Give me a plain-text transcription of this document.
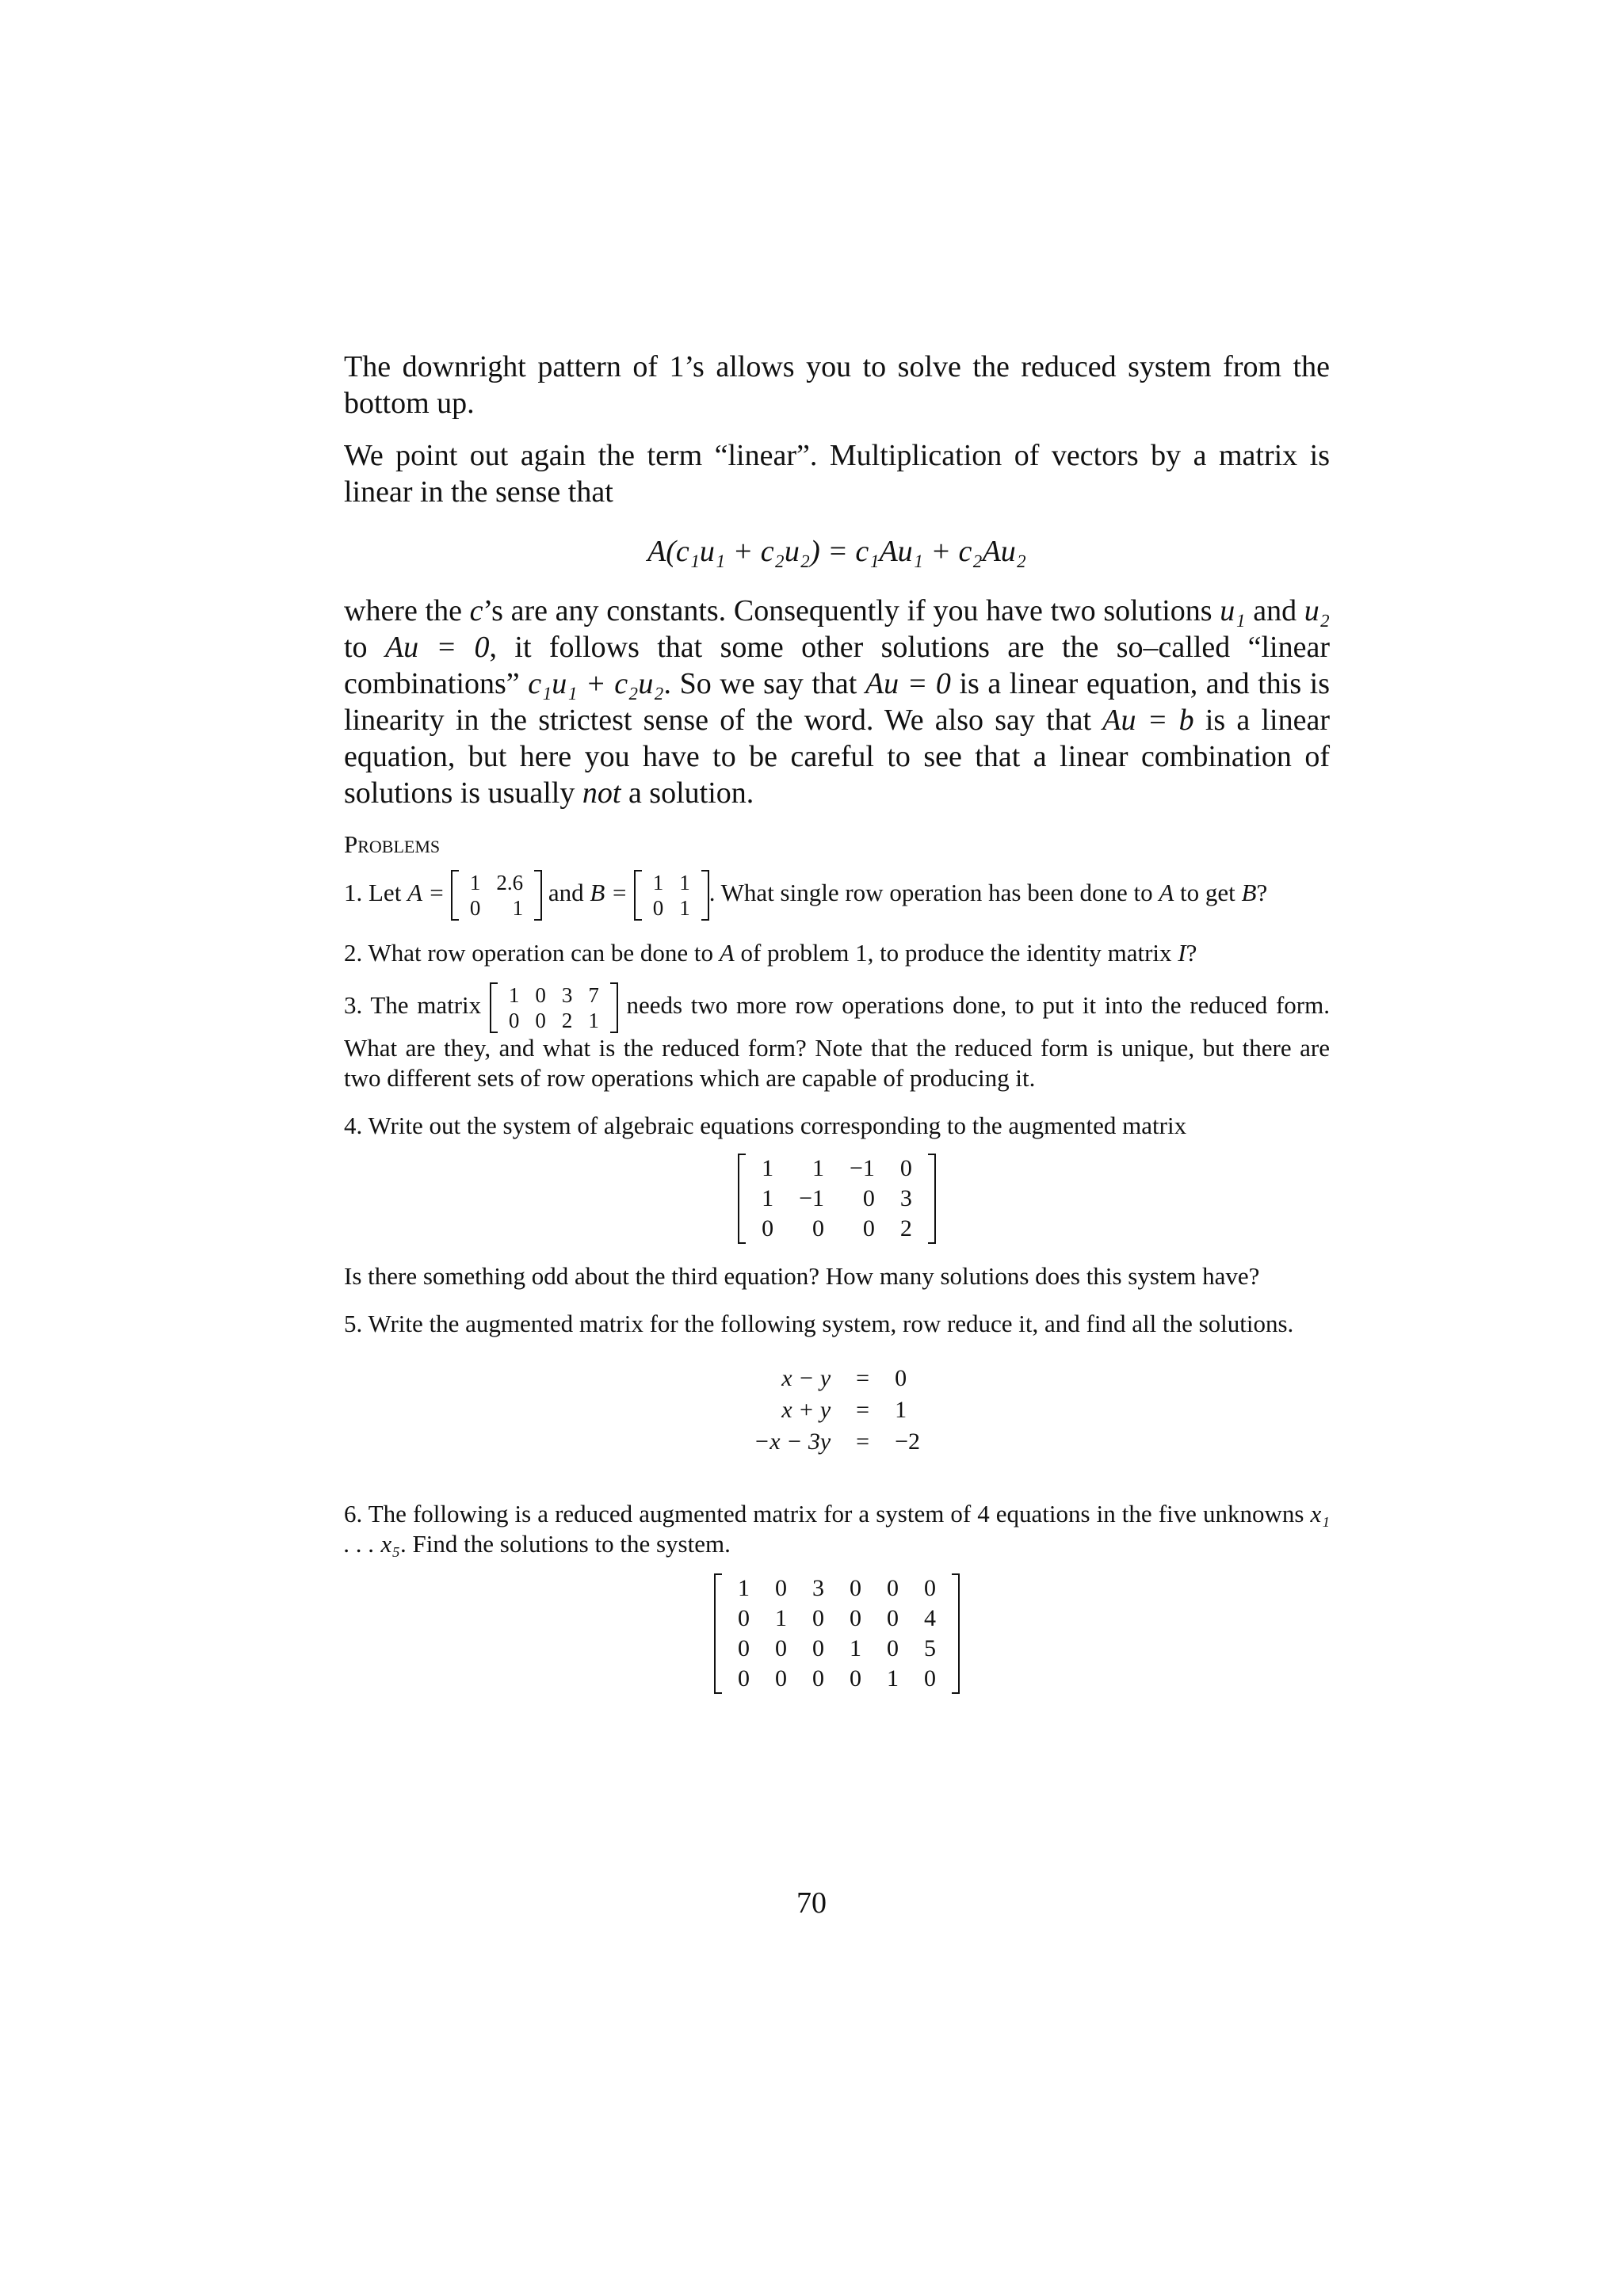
The downright pattern of 1’s allows you to solve the reduced system from the bottom up.

We point out again the term “linear”. Multiplication of vectors by a matrix is linear in the sense that

A(c₁u₁ + c₂u₂) = c₁Au₁ + c₂Au₂

where the c’s are any constants. Consequently if you have two solutions u₁ and u₂ to Au = 0, it follows that some other solutions are the so–called “linear combinations” c₁u₁ + c₂u₂. So we say that Au = 0 is a linear equation, and this is linearity in the strictest sense of the word. We also say that Au = b is a linear equation, but here you have to be careful to see that a linear combination of solutions is usually not a solution.

Problems

1. Let A = 1	2.6
0	1
and B = 1	1
0	1
. What single row operation has been done to A to get B?

2. What row operation can be done to A of problem 1, to produce the identity matrix I?

3. The matrix 1	0	3	7
0	0	2	1
needs two more row operations done, to put it into the reduced form. What are they, and what is the reduced form? Note that the reduced form is unique, but there are two different sets of row operations which are capable of producing it.

4. Write out the system of algebraic equations corresponding to the augmented matrix

1	1	−1	0
1	−1	0	3
0	0	0	2

Is there something odd about the third equation? How many solutions does this system have?

5. Write the augmented matrix for the following system, row reduce it, and find all the solutions.

x − y	=	0
x + y	=	1
−x − 3y	=	−2

6. The following is a reduced augmented matrix for a system of 4 equations in the five unknowns x₁ . . . x₅. Find the solutions to the system.

1	0	3	0	0	0
0	1	0	0	0	4
0	0	0	1	0	5
0	0	0	0	1	0
70
